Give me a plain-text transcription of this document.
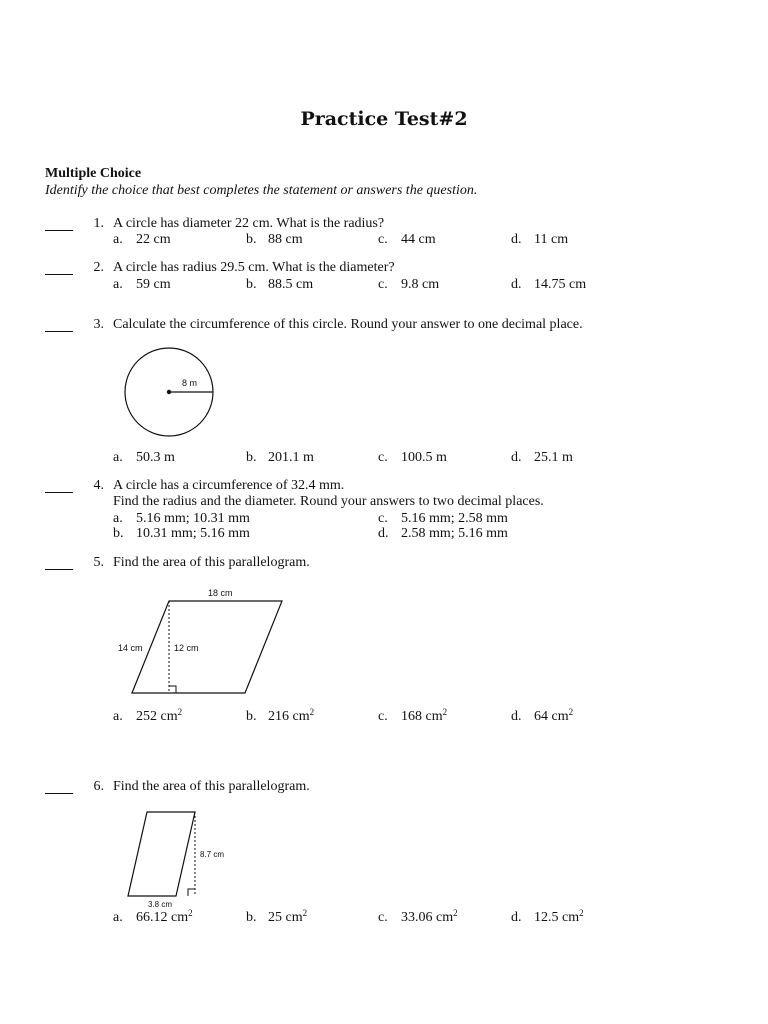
Practice Test#2
Multiple Choice
Identify the choice that best completes the statement or answers the question.
1. A circle has diameter 22 cm. What is the radius?
a. 22 cm	b. 88 cm	c. 44 cm	d. 11 cm
2. A circle has radius 29.5 cm. What is the diameter?
a. 59 cm	b. 88.5 cm	c. 9.8 cm	d. 14.75 cm
3. Calculate the circumference of this circle. Round your answer to one decimal place.
8 m
a. 50.3 m	b. 201.1 m	c. 100.5 m	d. 25.1 m
4. A circle has a circumference of 32.4 mm.
Find the radius and the diameter. Round your answers to two decimal places.
a. 5.16 mm; 10.31 mm
b. 10.31 mm; 5.16 mm
c. 5.16 mm; 2.58 mm
d. 2.58 mm; 5.16 mm
5. Find the area of this parallelogram.
18 cm
14 cm	12 cm
a. 252 $cm^2$	b. 216 $cm^2$	c. 168 $cm^2$	d. 64 $cm^2$
6. Find the area of this parallelogram.
8.7 cm
3.8 cm
a. 66.12 $cm^2$	b. 25 $cm^2$	c. 33.06 $cm^2$	d. 12.5 $cm^2$
